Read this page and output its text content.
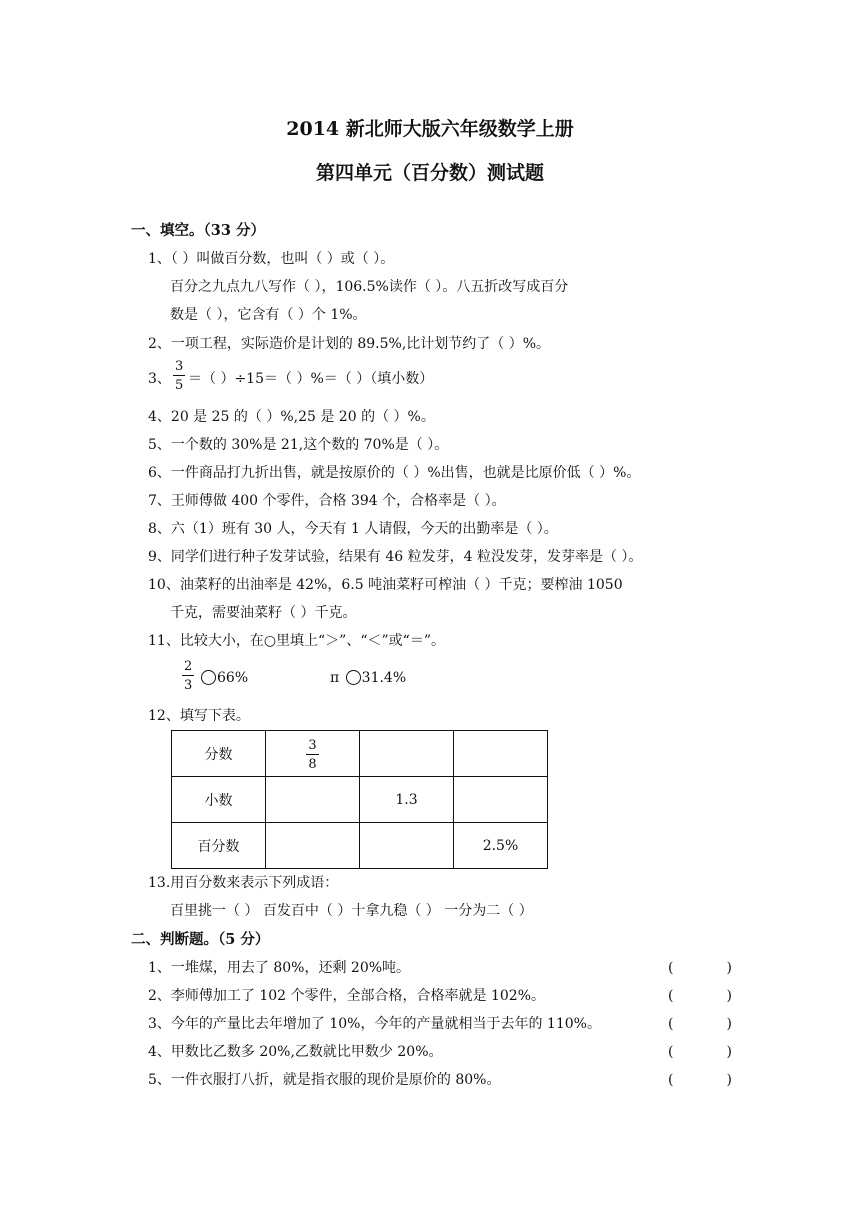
2014 新北师大版六年级数学上册
第四单元（百分数）测试题
一、填空。（33 分）
1、（ ）叫做百分数，也叫（ ）或（ ）。
百分之九点九八写作（ ），106.5%读作（ ）。八五折改写成百分
数是（ ），它含有（ ）个 1%。
2、一项工程，实际造价是计划的 89.5%,比计划节约了（ ）%。
3、 $\frac{3}{5}$ ＝（ ）÷15＝（ ）%＝（ ）（填小数）
4、20 是 25 的（ ）%,25 是 20 的（ ）%。
5、一个数的 30%是 21,这个数的 70%是（ ）。
6、一件商品打九折出售，就是按原价的（ ）%出售，也就是比原价低（ ）%。
7、王师傅做 400 个零件，合格 394 个，合格率是（ ）。
8、六（1）班有 30 人，今天有 1 人请假，今天的出勤率是（ ）。
9、同学们进行种子发芽试验，结果有 46 粒发芽，4 粒没发芽，发芽率是（ ）。
10、油菜籽的出油率是 42%，6.5 吨油菜籽可榨油（ ）千克；要榨油 1050
千克，需要油菜籽（ ）千克。
11、比较大小，在○里填上“＞”、“＜”或“＝”。
$\frac{2}{3}$	66%	π 31.4%
12、填写下表。
分数	$\frac{3}{8}$

小数		1.3	
百分数			2.5%
13.用百分数来表示下列成语：
百里挑一（ ） 百发百中（ ）十拿九稳（ ） 一分为二（ ）
二、判断题。（5 分）
1、一堆煤，用去了 80%，还剩 20%吨。	(	)
2、李师傅加工了 102 个零件，全部合格，合格率就是 102%。	(	)
3、今年的产量比去年增加了 10%，今年的产量就相当于去年的 110%。	(	)
4、甲数比乙数多 20%,乙数就比甲数少 20%。	(	)
5、一件衣服打八折，就是指衣服的现价是原价的 80%。	(	)
